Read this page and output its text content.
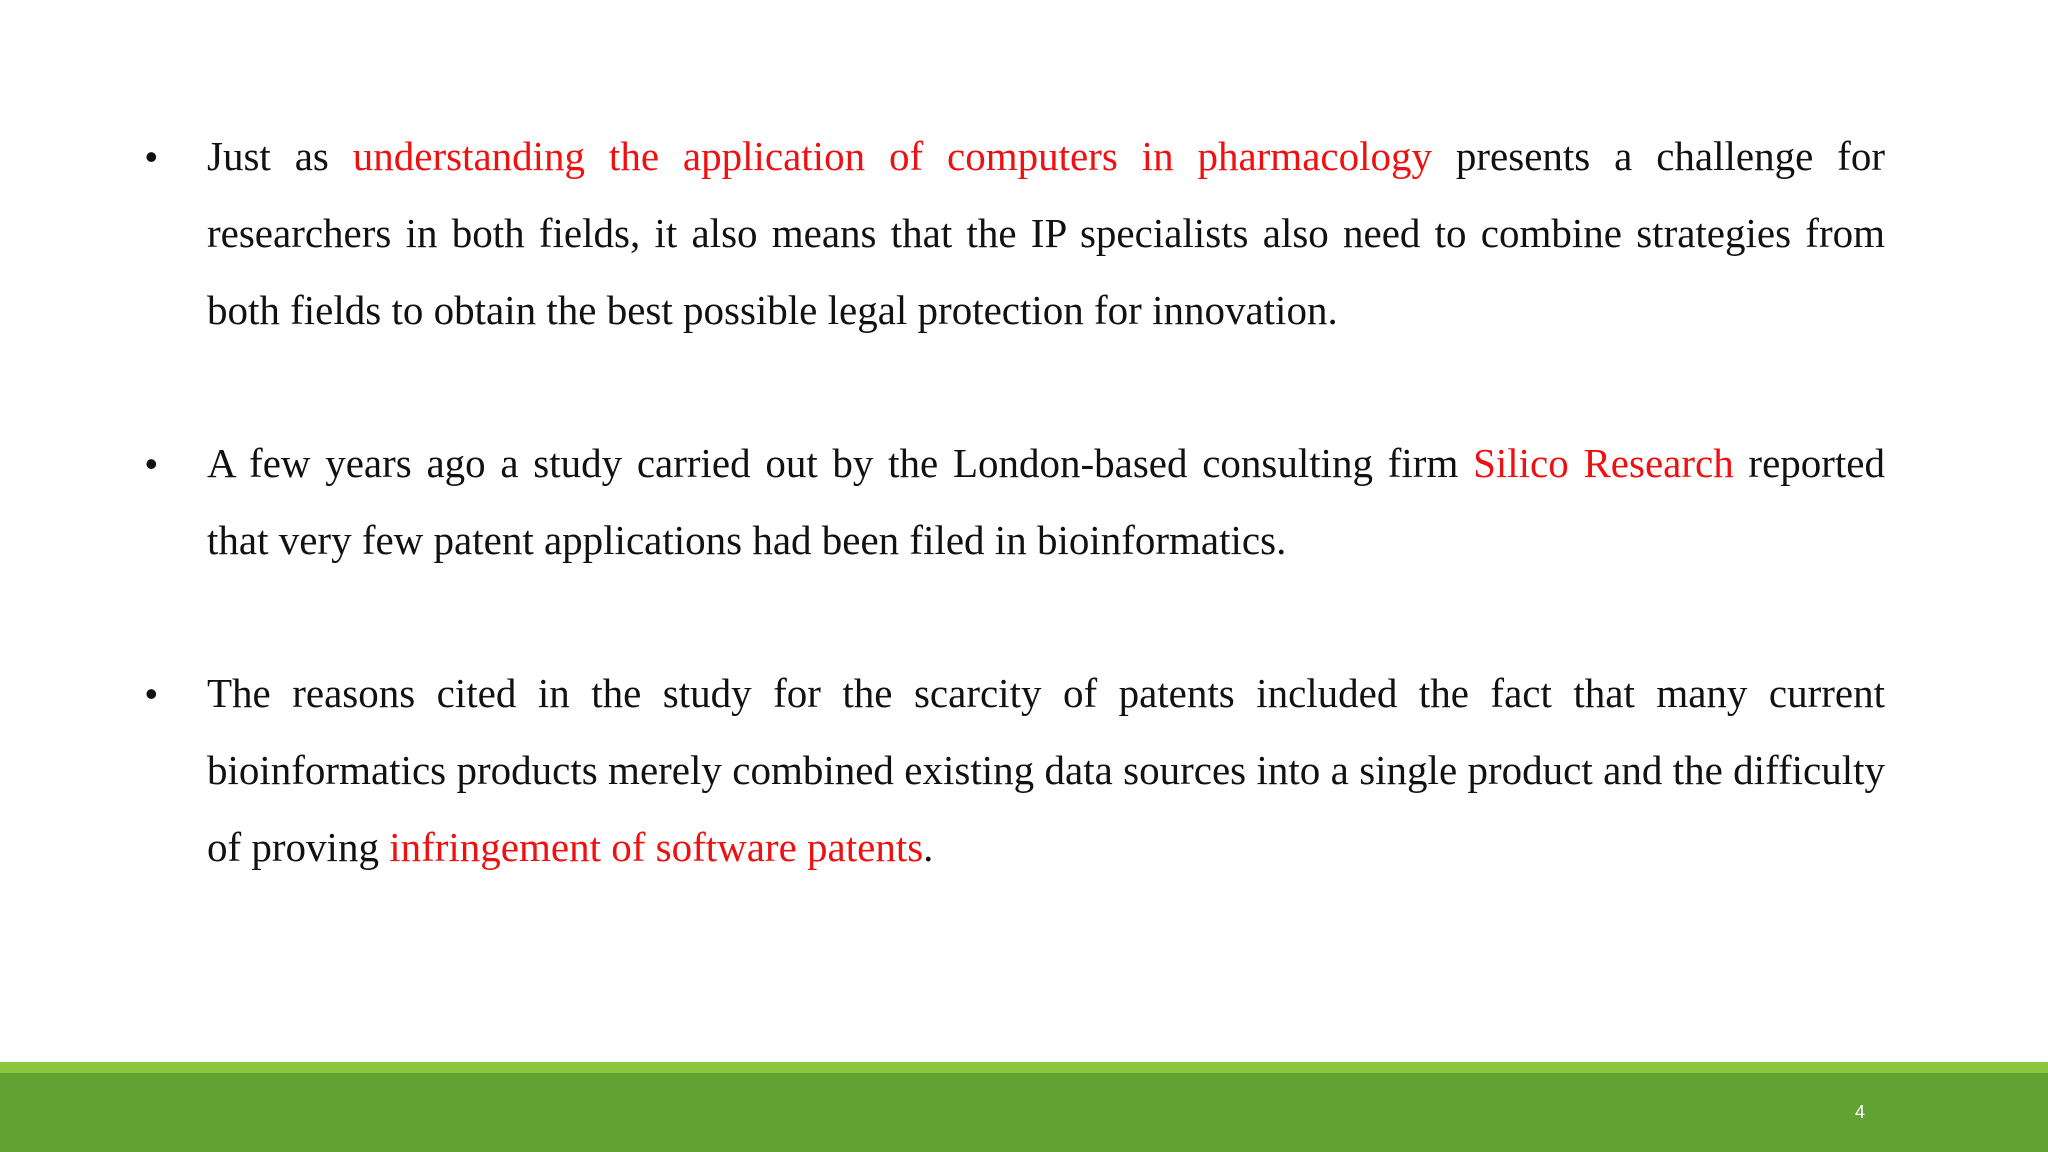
•	Just as understanding the application of computers in pharmacology presents a challenge for researchers in both fields, it also means that the IP specialists also need to combine strategies from both fields to obtain the best possible legal protection for innovation.
•	A few years ago a study carried out by the London-based consulting firm Silico Research reported that very few patent applications had been filed in bioinformatics.
•	The reasons cited in the study for the scarcity of patents included the fact that many current bioinformatics products merely combined existing data sources into a single product and the difficulty of proving infringement of software patents.
4
